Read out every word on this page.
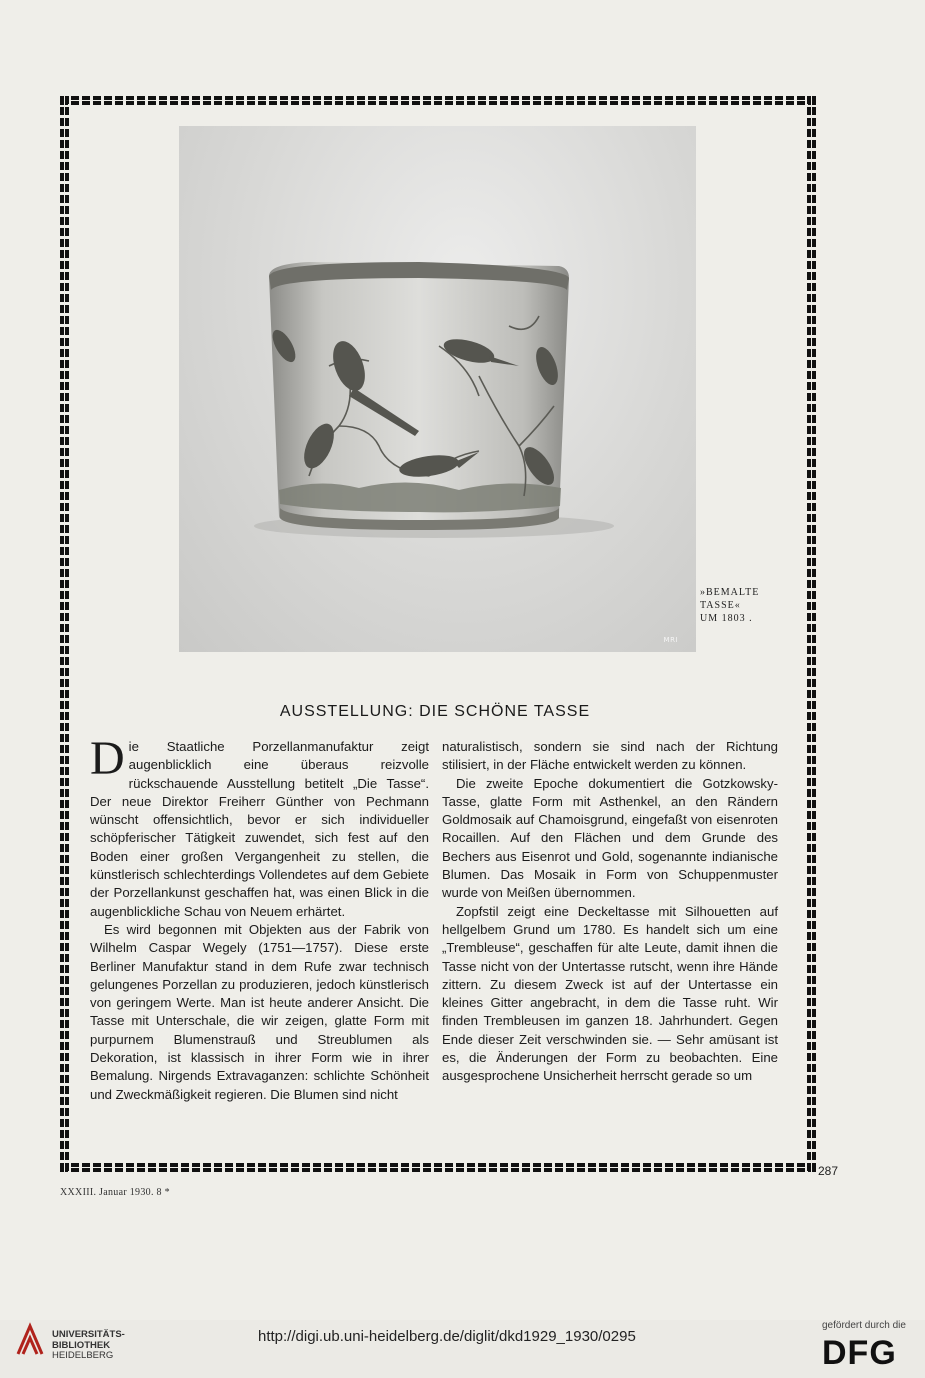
MRI
»BEMALTE
TASSE«
UM 1803 .
AUSSTELLUNG: DIE SCHÖNE TASSE

Die Staatliche Porzellanmanufaktur zeigt augenblicklich eine überaus reizvolle rückschauende Ausstellung betitelt „Die Tasse“. Der neue Direktor Freiherr Günther von Pechmann wünscht offensichtlich, bevor er sich individueller schöpferischer Tätigkeit zuwendet, sich fest auf den Boden einer großen Vergangenheit zu stellen, die künstlerisch schlechterdings Vollendetes auf dem Gebiete der Porzellankunst geschaffen hat, was einen Blick in die augenblickliche Schau von Neuem erhärtet.

Es wird begonnen mit Objekten aus der Fabrik von Wilhelm Caspar Wegely (1751—1757). Diese erste Berliner Manufaktur stand in dem Rufe zwar technisch gelungenes Porzellan zu produzieren, jedoch künstlerisch von geringem Werte. Man ist heute anderer Ansicht. Die Tasse mit Unterschale, die wir zeigen, glatte Form mit purpurnem Blumenstrauß und Streublumen als Dekoration, ist klassisch in ihrer Form wie in ihrer Bemalung. Nirgends Extravaganzen: schlichte Schönheit und Zweckmäßigkeit regieren. Die Blumen sind nicht

naturalistisch, sondern sie sind nach der Richtung stilisiert, in der Fläche entwickelt werden zu können.

Die zweite Epoche dokumentiert die Gotzkowsky-Tasse, glatte Form mit Asthenkel, an den Rändern Goldmosaik auf Chamoisgrund, eingefaßt von eisenroten Rocaillen. Auf den Flächen und dem Grunde des Bechers aus Eisenrot und Gold, sogenannte indianische Blumen. Das Mosaik in Form von Schuppenmuster wurde von Meißen übernommen.

Zopfstil zeigt eine Deckeltasse mit Silhouetten auf hellgelbem Grund um 1780. Es handelt sich um eine „Trembleuse“, geschaffen für alte Leute, damit ihnen die Tasse nicht von der Untertasse rutscht, wenn ihre Hände zittern. Zu diesem Zweck ist auf der Untertasse ein kleines Gitter angebracht, in dem die Tasse ruht. Wir finden Trembleusen im ganzen 18. Jahrhundert. Gegen Ende dieser Zeit verschwinden sie. — Sehr amüsant ist es, die Änderungen der Form zu beobachten. Eine ausgesprochene Unsicherheit herrscht gerade so um

287
XXXIII. Januar 1930. 8 *
UNIVERSITÄTS-
BIBLIOTHEK
HEIDELBERG
http://digi.ub.uni-heidelberg.de/diglit/dkd1929_1930/0295
gefördert durch die
DFG
